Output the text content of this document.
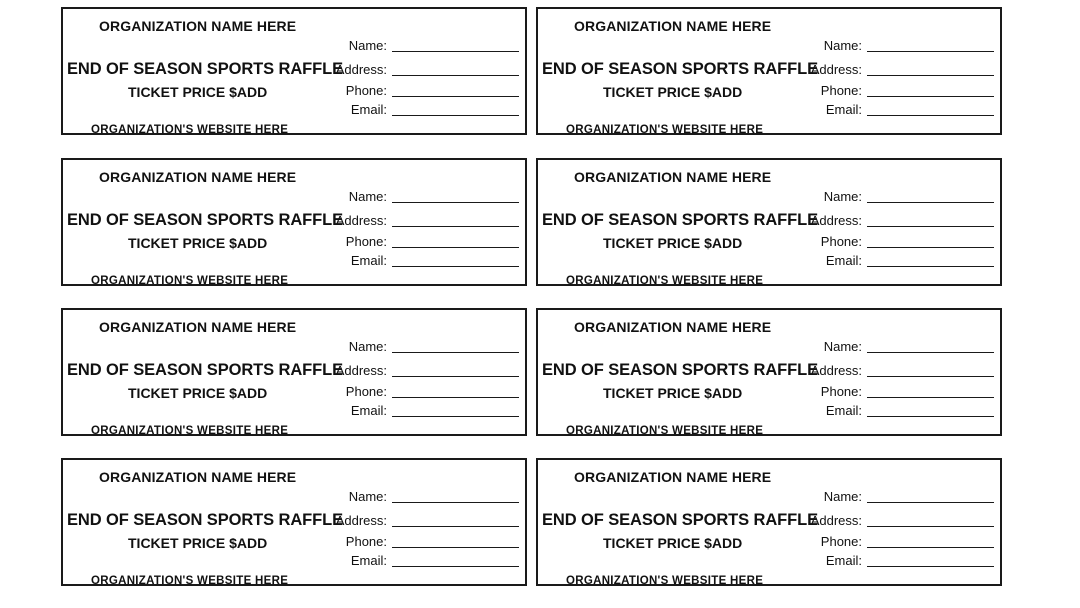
ORGANIZATION NAME HERE
END OF SEASON SPORTS RAFFLE
TICKET PRICE $ADD
ORGANIZATION'S WEBSITE HERE
Name:
Address:
Phone:
Email:
ORGANIZATION NAME HERE
END OF SEASON SPORTS RAFFLE
TICKET PRICE $ADD
ORGANIZATION'S WEBSITE HERE
Name:
Address:
Phone:
Email:
ORGANIZATION NAME HERE
END OF SEASON SPORTS RAFFLE
TICKET PRICE $ADD
ORGANIZATION'S WEBSITE HERE
Name:
Address:
Phone:
Email:
ORGANIZATION NAME HERE
END OF SEASON SPORTS RAFFLE
TICKET PRICE $ADD
ORGANIZATION'S WEBSITE HERE
Name:
Address:
Phone:
Email:
ORGANIZATION NAME HERE
END OF SEASON SPORTS RAFFLE
TICKET PRICE $ADD
ORGANIZATION'S WEBSITE HERE
Name:
Address:
Phone:
Email:
ORGANIZATION NAME HERE
END OF SEASON SPORTS RAFFLE
TICKET PRICE $ADD
ORGANIZATION'S WEBSITE HERE
Name:
Address:
Phone:
Email:
ORGANIZATION NAME HERE
END OF SEASON SPORTS RAFFLE
TICKET PRICE $ADD
ORGANIZATION'S WEBSITE HERE
Name:
Address:
Phone:
Email:
ORGANIZATION NAME HERE
END OF SEASON SPORTS RAFFLE
TICKET PRICE $ADD
ORGANIZATION'S WEBSITE HERE
Name:
Address:
Phone:
Email:
